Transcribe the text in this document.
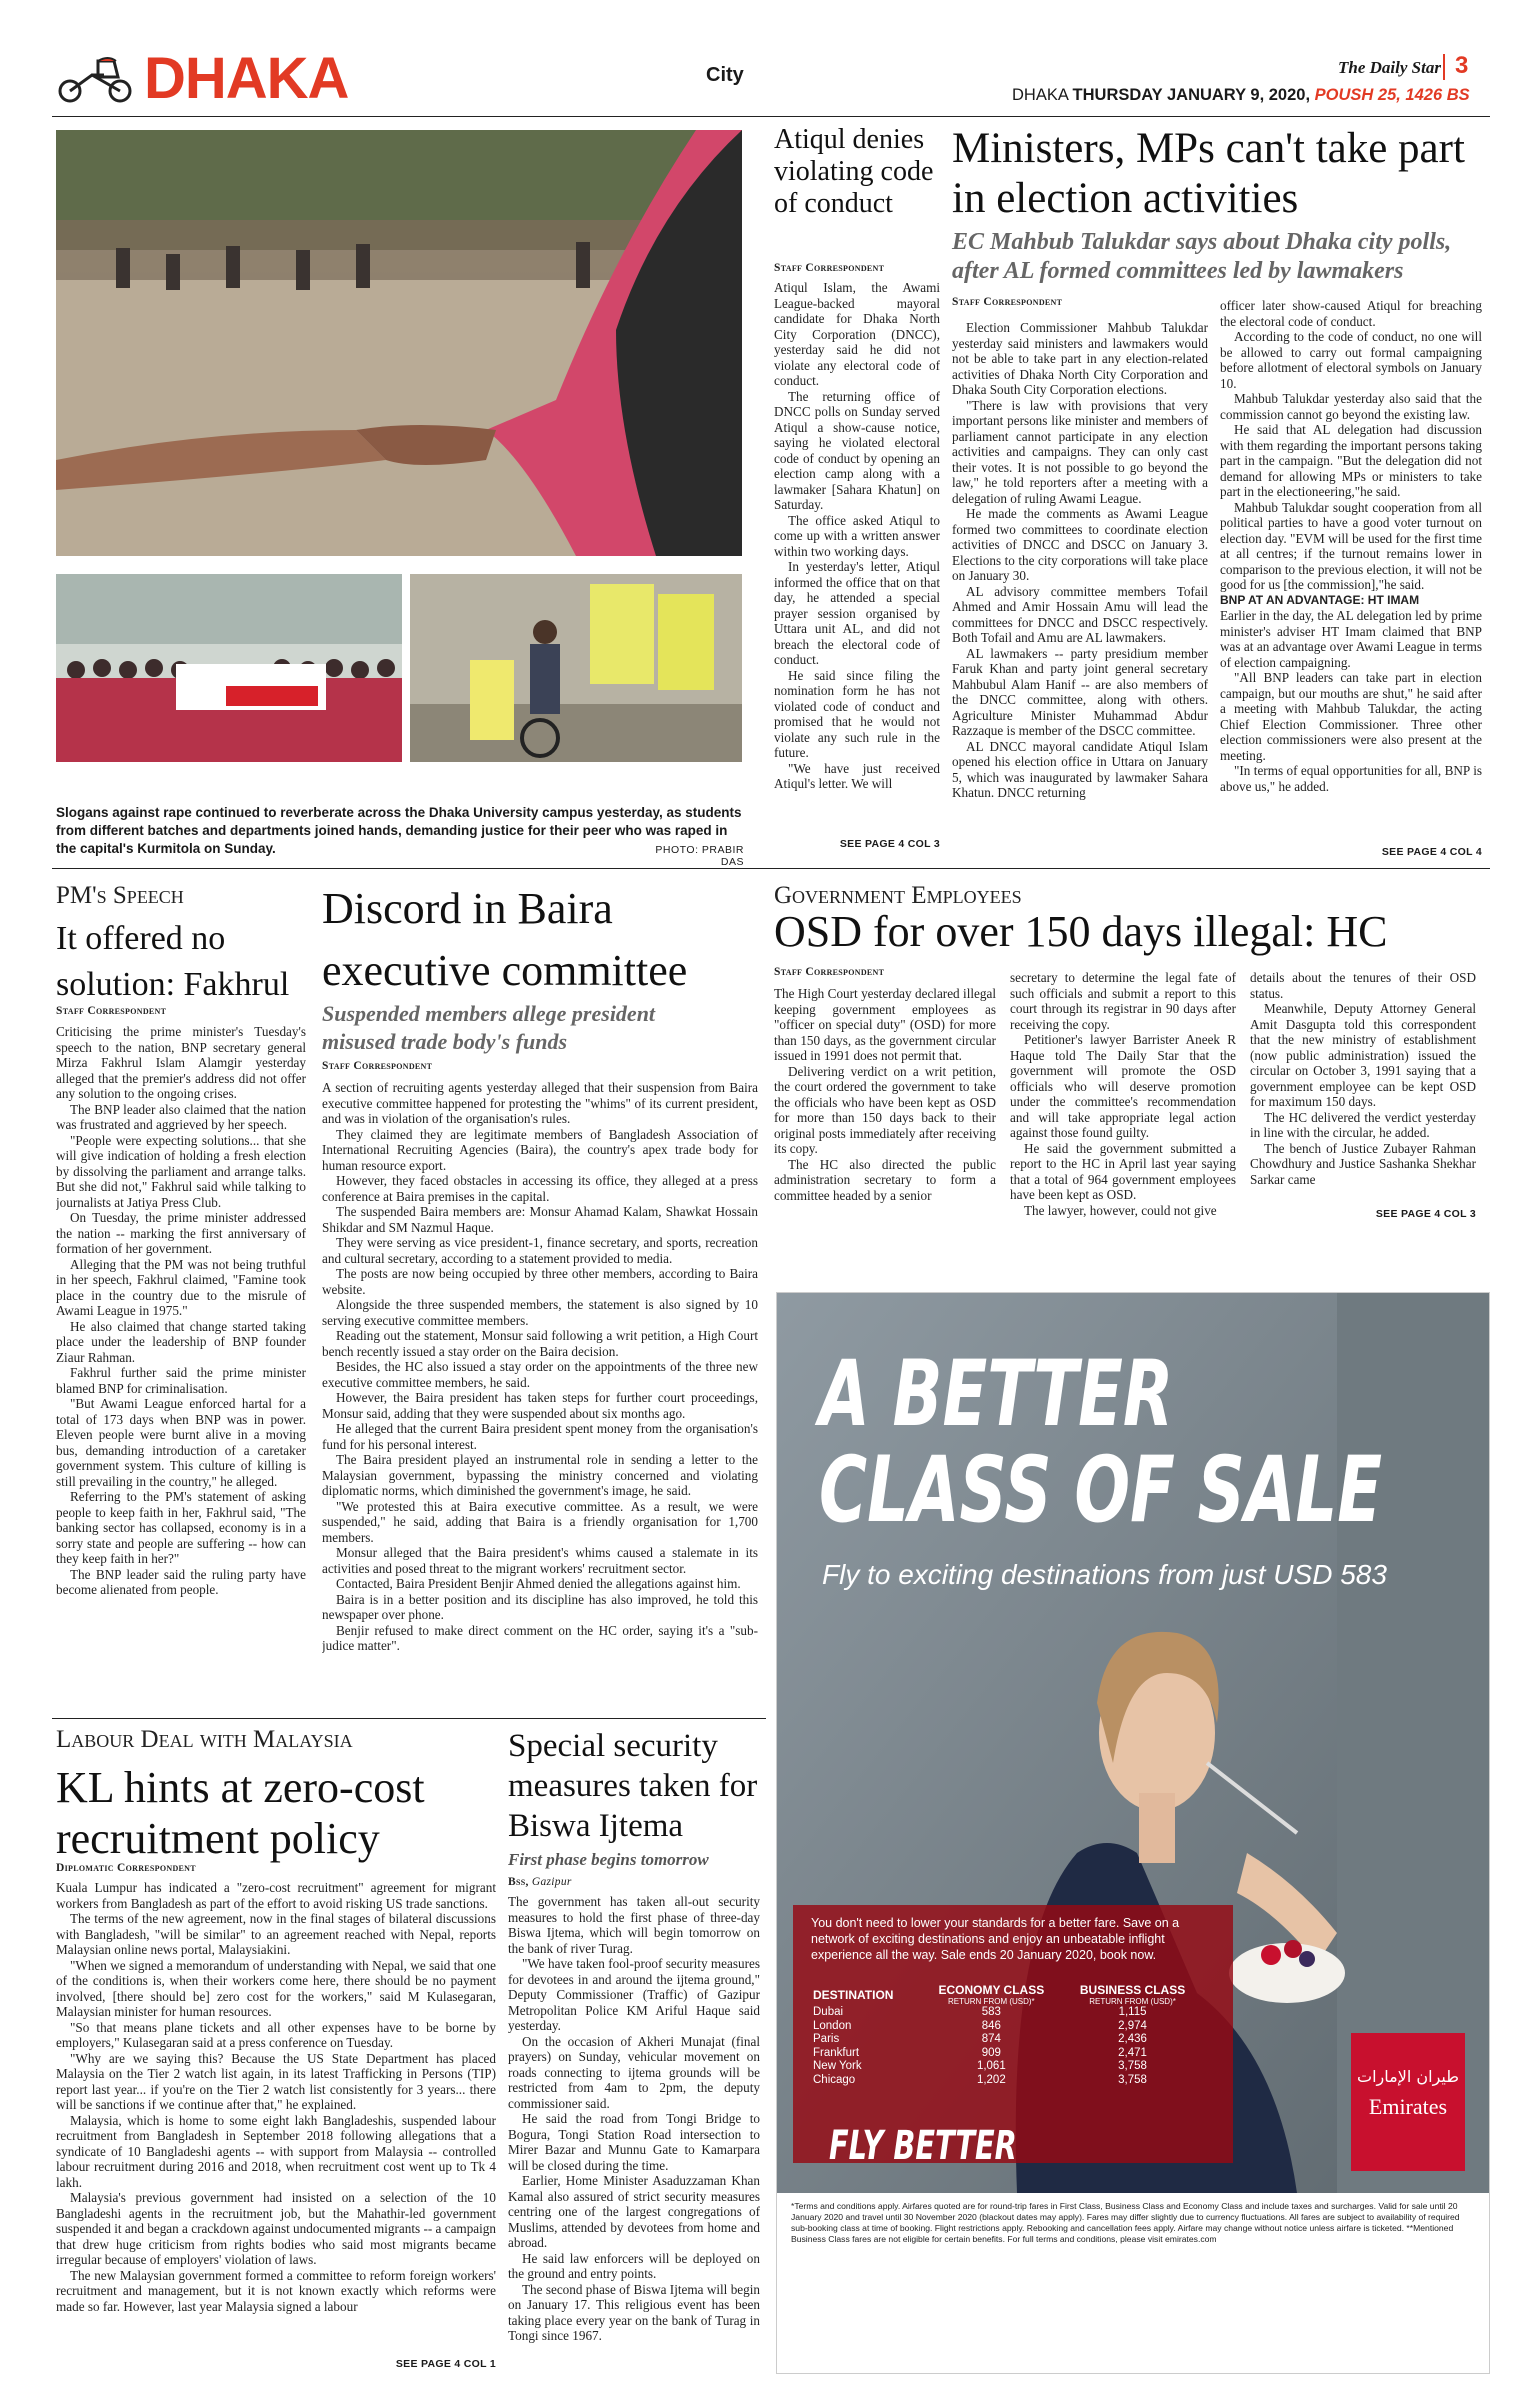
DHAKA	City	The Daily Star 3
DHAKA THURSDAY JANUARY 9, 2020, POUSH 25, 1426 BS
Slogans against rape continued to reverberate across the Dhaka University campus yesterday, as students from different batches and departments joined hands, demanding justice for their peer who was raped in the capital's Kurmitola on Sunday.	PHOTO: PRABIR DAS
Atiqul denies violating code of conduct
Staff Correspondent

Atiqul Islam, the Awami League-backed mayoral candidate for Dhaka North City Corporation (DNCC), yesterday said he did not violate any electoral code of conduct.

The returning office of DNCC polls on Sunday served Atiqul a show-cause notice, saying he violated electoral code of conduct by opening an election camp along with a lawmaker [Sahara Khatun] on Saturday.

The office asked Atiqul to come up with a written answer within two working days.

In yesterday's letter, Atiqul informed the office that on that day, he attended a special prayer session organised by Uttara unit AL, and did not breach the electoral code of conduct.

He said since filing the nomination form he has not violated code of conduct and promised that he would not violate any such rule in the future.

"We have just received Atiqul's letter. We will

SEE PAGE 4 COL 3
Ministers, MPs can't take part in election activities
EC Mahbub Talukdar says about Dhaka city polls, after AL formed committees led by lawmakers
Staff Correspondent

Election Commissioner Mahbub Talukdar yesterday said ministers and lawmakers would not be able to take part in any election-related activities of Dhaka North City Corporation and Dhaka South City Corporation elections.

"There is law with provisions that very important persons like minister and members of parliament cannot participate in any election activities and campaigns. They can only cast their votes. It is not possible to go beyond the law," he told reporters after a meeting with a delegation of ruling Awami League.

He made the comments as Awami League formed two committees to coordinate election activities of DNCC and DSCC on January 3. Elections to the city corporations will take place on January 30.

AL advisory committee members Tofail Ahmed and Amir Hossain Amu will lead the committees for DNCC and DSCC respectively. Both Tofail and Amu are AL lawmakers.

AL lawmakers -- party presidium member Faruk Khan and party joint general secretary Mahbubul Alam Hanif -- are also members of the DNCC committee, along with others. Agriculture Minister Muhammad Abdur Razzaque is member of the DSCC committee.

AL DNCC mayoral candidate Atiqul Islam opened his election office in Uttara on January 5, which was inaugurated by lawmaker Sahara Khatun. DNCC returning

officer later show-caused Atiqul for breaching the electoral code of conduct.

According to the code of conduct, no one will be allowed to carry out formal campaigning before allotment of electoral symbols on January 10.

Mahbub Talukdar yesterday also said that the commission cannot go beyond the existing law.

He said that AL delegation had discussion with them regarding the important persons taking part in the campaign. "But the delegation did not demand for allowing MPs or ministers to take part in the electioneering,"he said.

Mahbub Talukdar sought cooperation from all political parties to have a good voter turnout on election day. "EVM will be used for the first time at all centres; if the turnout remains lower in comparison to the previous election, it will not be good for us [the commission],"he said.

BNP AT AN ADVANTAGE: HT IMAM

Earlier in the day, the AL delegation led by prime minister's adviser HT Imam claimed that BNP was at an advantage over Awami League in terms of election campaigning.

"All BNP leaders can take part in election campaign, but our mouths are shut," he said after a meeting with Mahbub Talukdar, the acting Chief Election Commissioner. Three other election commissioners were also present at the meeting.

"In terms of equal opportunities for all, BNP is above us," he added.

SEE PAGE 4 COL 4
PM's Speech
It offered no solution: Fakhrul
Staff Correspondent

Criticising the prime minister's Tuesday's speech to the nation, BNP secretary general Mirza Fakhrul Islam Alamgir yesterday alleged that the premier's address did not offer any solution to the ongoing crises.

The BNP leader also claimed that the nation was frustrated and aggrieved by her speech.

"People were expecting solutions... that she will give indication of holding a fresh election by dissolving the parliament and arrange talks. But she did not," Fakhrul said while talking to journalists at Jatiya Press Club.

On Tuesday, the prime minister addressed the nation -- marking the first anniversary of formation of her government.

Alleging that the PM was not being truthful in her speech, Fakhrul claimed, "Famine took place in the country due to the misrule of Awami League in 1975."

He also claimed that change started taking place under the leadership of BNP founder Ziaur Rahman.

Fakhrul further said the prime minister blamed BNP for criminalisation.

"But Awami League enforced hartal for a total of 173 days when BNP was in power. Eleven people were burnt alive in a moving bus, demanding introduction of a caretaker government system. This culture of killing is still prevailing in the country," he alleged.

Referring to the PM's statement of asking people to keep faith in her, Fakhrul said, "The banking sector has collapsed, economy is in a sorry state and people are suffering -- how can they keep faith in her?"

The BNP leader said the ruling party have become alienated from people.

Discord in Baira executive committee
Suspended members allege president misused trade body's funds
Staff Correspondent

A section of recruiting agents yesterday alleged that their suspension from Baira executive committee happened for protesting the "whims" of its current president, and was in violation of the organisation's rules.

They claimed they are legitimate members of Bangladesh Association of International Recruiting Agencies (Baira), the country's apex trade body for human resource export.

However, they faced obstacles in accessing its office, they alleged at a press conference at Baira premises in the capital.

The suspended Baira members are: Monsur Ahamad Kalam, Shawkat Hossain Shikdar and SM Nazmul Haque.

They were serving as vice president-1, finance secretary, and sports, recreation and cultural secretary, according to a statement provided to media.

The posts are now being occupied by three other members, according to Baira website.

Alongside the three suspended members, the statement is also signed by 10 serving executive committee members.

Reading out the statement, Monsur said following a writ petition, a High Court bench recently issued a stay order on the Baira decision.

Besides, the HC also issued a stay order on the appointments of the three new executive committee members, he said.

However, the Baira president has taken steps for further court proceedings, Monsur said, adding that they were suspended about six months ago.

He alleged that the current Baira president spent money from the organisation's fund for his personal interest.

The Baira president played an instrumental role in sending a letter to the Malaysian government, bypassing the ministry concerned and violating diplomatic norms, which diminished the government's image, he said.

"We protested this at Baira executive committee. As a result, we were suspended," he said, adding that Baira is a friendly organisation for 1,700 members.

Monsur alleged that the Baira president's whims caused a stalemate in its activities and posed threat to the migrant workers' recruitment sector.

Contacted, Baira President Benjir Ahmed denied the allegations against him.

Baira is in a better position and its discipline has also improved, he told this newspaper over phone.

Benjir refused to make direct comment on the HC order, saying it's a "sub-judice matter".

Government Employees
OSD for over 150 days illegal: HC
Staff Correspondent

The High Court yesterday declared illegal keeping government employees as "officer on special duty" (OSD) for more than 150 days, as the government circular issued in 1991 does not permit that.

Delivering verdict on a writ petition, the court ordered the government to take the officials who have been kept as OSD for more than 150 days back to their original posts immediately after receiving its copy.

The HC also directed the public administration secretary to form a committee headed by a senior

secretary to determine the legal fate of such officials and submit a report to this court through its registrar in 90 days after receiving the copy.

Petitioner's lawyer Barrister Aneek R Haque told The Daily Star that the government will promote the OSD officials who will deserve promotion under the committee's recommendation and will take appropriate legal action against those found guilty.

He said the government submitted a report to the HC in April last year saying that a total of 964 government employees have been kept as OSD.

The lawyer, however, could not give

details about the tenures of their OSD status.

Meanwhile, Deputy Attorney General Amit Dasgupta told this correspondent that the new ministry of establishment (now public administration) issued the circular on October 3, 1991 saying that a government employee can be kept OSD for maximum 150 days.

The HC delivered the verdict yesterday in line with the circular, he added.

The bench of Justice Zubayer Rahman Chowdhury and Justice Sashanka Shekhar Sarkar came

SEE PAGE 4 COL 3
Labour Deal with Malaysia
KL hints at zero-cost recruitment policy
Diplomatic Correspondent

Kuala Lumpur has indicated a "zero-cost recruitment" agreement for migrant workers from Bangladesh as part of the effort to avoid risking US trade sanctions.

The terms of the new agreement, now in the final stages of bilateral discussions with Bangladesh, "will be similar" to an agreement reached with Nepal, reports Malaysian online news portal, Malaysiakini.

"When we signed a memorandum of understanding with Nepal, we said that one of the conditions is, when their workers come here, there should be no payment involved, [there should be] zero cost for the workers," said M Kulasegaran, Malaysian minister for human resources.

"So that means plane tickets and all other expenses have to be borne by employers," Kulasegaran said at a press conference on Tuesday.

"Why are we saying this? Because the US State Department has placed Malaysia on the Tier 2 watch list again, in its latest Trafficking in Persons (TIP) report last year... if you're on the Tier 2 watch list consistently for 3 years... there will be sanctions if we continue after that," he explained.

Malaysia, which is home to some eight lakh Bangladeshis, suspended labour recruitment from Bangladesh in September 2018 following allegations that a syndicate of 10 Bangladeshi agents -- with support from Malaysia -- controlled labour recruitment during 2016 and 2018, when recruitment cost went up to Tk 4 lakh.

Malaysia's previous government had insisted on a selection of the 10 Bangladeshi agents in the recruitment job, but the Mahathir-led government suspended it and began a crackdown against undocumented migrants -- a campaign that drew huge criticism from rights bodies who said most migrants became irregular because of employers' violation of laws.

The new Malaysian government formed a committee to reform foreign workers' recruitment and management, but it is not known exactly which reforms were made so far. However, last year Malaysia signed a labour

SEE PAGE 4 COL 1
Special security measures taken for Biswa Ijtema
First phase begins tomorrow
Bss, Gazipur

The government has taken all-out security measures to hold the first phase of three-day Biswa Ijtema, which will begin tomorrow on the bank of river Turag.

"We have taken fool-proof security measures for devotees in and around the ijtema ground," Deputy Commissioner (Traffic) of Gazipur Metropolitan Police KM Ariful Haque said yesterday.

On the occasion of Akheri Munajat (final prayers) on Sunday, vehicular movement on roads connecting to ijtema grounds will be restricted from 4am to 2pm, the deputy commissioner said.

He said the road from Tongi Bridge to Bogura, Tongi Station Road intersection to Mirer Bazar and Munnu Gate to Kamarpara will be closed during the time.

Earlier, Home Minister Asaduzzaman Khan Kamal also assured of strict security measures centring one of the largest congregations of Muslims, attended by devotees from home and abroad.

He said law enforcers will be deployed on the ground and entry points.

The second phase of Biswa Ijtema will begin on January 17. This religious event has been taking place every year on the bank of Turag in Tongi since 1967.

A BETTER
CLASS OF SALE
Fly to exciting destinations from just USD 583
You don't need to lower your standards for a better fare. Save on a network of exciting destinations and enjoy an unbeatable inflight experience all the way. Sale ends 20 January 2020, book now.
DESTINATION	ECONOMY CLASS
RETURN FROM (USD)*	BUSINESS CLASS
RETURN FROM (USD)*

Dubai	583	1,115
London	846	2,974
Paris	874	2,436
Frankfurt	909	2,471
New York	1,061	3,758
Chicago	1,202	3,758
FLY BETTER
طيران الإمارات
Emirates
*Terms and conditions apply. Airfares quoted are for round-trip fares in First Class, Business Class and Economy Class and include taxes and surcharges. Valid for sale until 20 January 2020 and travel until 30 November 2020 (blackout dates may apply). Fares may differ slightly due to currency fluctuations. All fares are subject to availability of required sub-booking class at time of booking. Flight restrictions apply. Rebooking and cancellation fees apply. Airfare may change without notice unless airfare is ticketed. **Mentioned Business Class fares are not eligible for certain benefits. For full terms and conditions, please visit emirates.com
